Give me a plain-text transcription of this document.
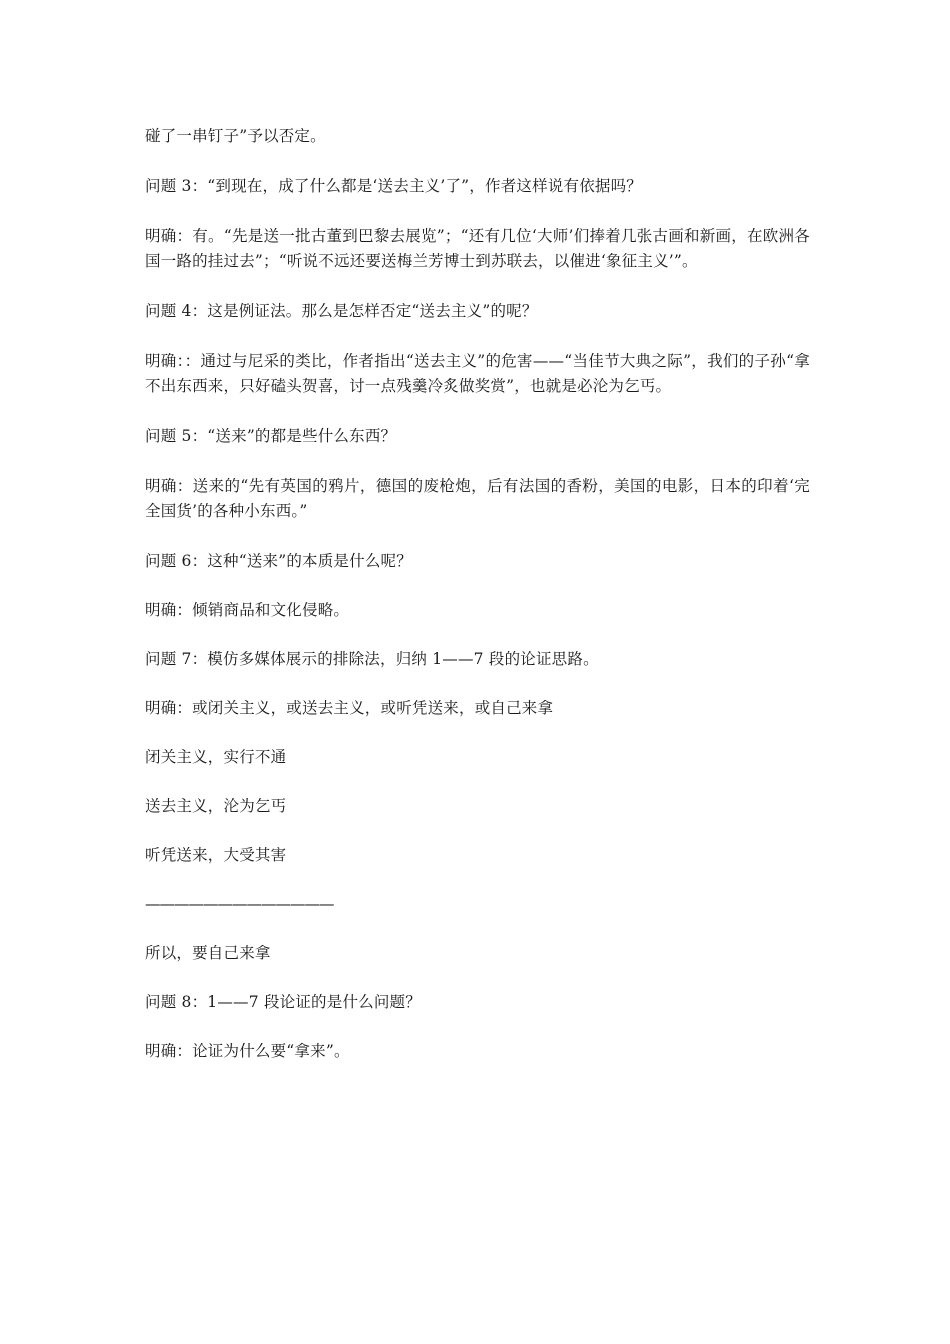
碰了一串钉子”予以否定。

问题 3：“到现在，成了什么都是‘送去主义’了”，作者这样说有依据吗？

明确：有。“先是送一批古董到巴黎去展览”；“还有几位‘大师’们捧着几张古画和新画，在欧洲各国一路的挂过去”；“听说不远还要送梅兰芳博士到苏联去，以催进‘象征主义’”。

问题 4：这是例证法。那么是怎样否定“送去主义”的呢？

明确：：通过与尼采的类比，作者指出“送去主义”的危害——“当佳节大典之际”，我们的子孙“拿不出东西来，只好磕头贺喜，讨一点残羹冷炙做奖赏”，也就是必沦为乞丐。

问题 5：“送来”的都是些什么东西？

明确：送来的“先有英国的鸦片，德国的废枪炮，后有法国的香粉，美国的电影，日本的印着‘完全国货’的各种小东西。”

问题 6：这种“送来”的本质是什么呢？

明确：倾销商品和文化侵略。

问题 7：模仿多媒体展示的排除法，归纳 1——7 段的论证思路。

明确：或闭关主义，或送去主义，或听凭送来，或自己来拿

闭关主义，实行不通

送去主义，沦为乞丐

听凭送来，大受其害

—————————————

所以，要自己来拿

问题 8：1——7 段论证的是什么问题？

明确：论证为什么要“拿来”。
